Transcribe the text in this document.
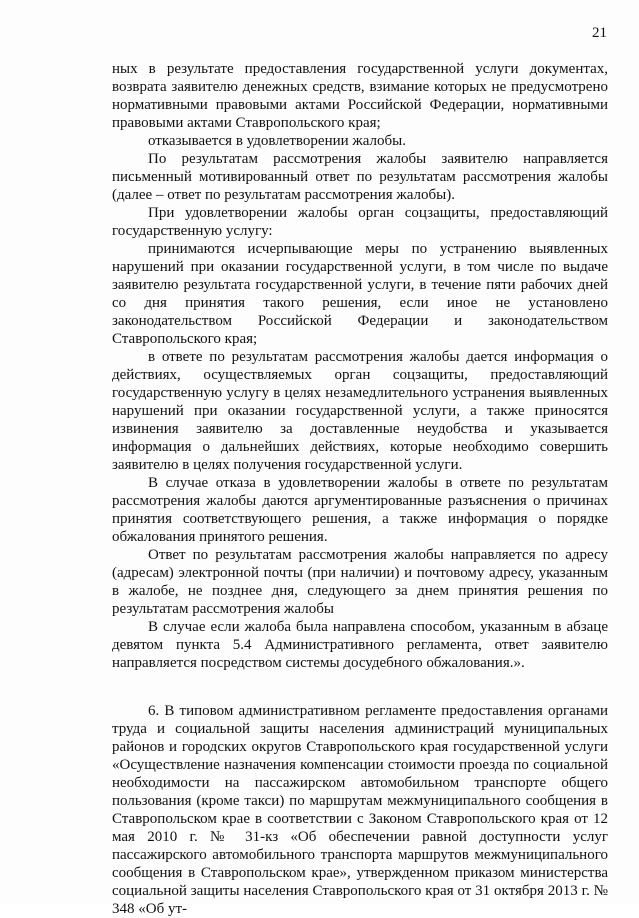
21

ных в результате предоставления государственной услуги документах, возврата заявителю денежных средств, взимание которых не предусмотрено нормативными правовыми актами Российской Федерации, нормативными правовыми актами Ставропольского края;

отказывается в удовлетворении жалобы.

По результатам рассмотрения жалобы заявителю направляется письменный мотивированный ответ по результатам рассмотрения жалобы (далее – ответ по результатам рассмотрения жалобы).

При удовлетворении жалобы орган соцзащиты, предоставляющий государственную услугу:

принимаются исчерпывающие меры по устранению выявленных нарушений при оказании государственной услуги, в том числе по выдаче заявителю результата государственной услуги, в течение пяти рабочих дней со дня принятия такого решения, если иное не установлено законодательством Российской Федерации и законодательством Ставропольского края;

в ответе по результатам рассмотрения жалобы дается информация о действиях, осуществляемых орган соцзащиты, предоставляющий государственную услугу в целях незамедлительного устранения выявленных нарушений при оказании государственной услуги, а также приносятся извинения заявителю за доставленные неудобства и указывается информация о дальнейших действиях, которые необходимо совершить заявителю в целях получения государственной услуги.

В случае отказа в удовлетворении жалобы в ответе по результатам рассмотрения жалобы даются аргументированные разъяснения о причинах принятия соответствующего решения, а также информация о порядке обжалования принятого решения.

Ответ по результатам рассмотрения жалобы направляется по адресу (адресам) электронной почты (при наличии) и почтовому адресу, указанным в жалобе, не позднее дня, следующего за днем принятия решения по результатам рассмотрения жалобы

В случае если жалоба была направлена способом, указанным в абзаце девятом пункта 5.4 Административного регламента, ответ заявителю направляется посредством системы досудебного обжалования.».

6. В типовом административном регламенте предоставления органами труда и социальной защиты населения администраций муниципальных районов и городских округов Ставропольского края государственной услуги «Осуществление назначения компенсации стоимости проезда по социальной необходимости на пассажирском автомобильном транспорте общего пользования (кроме такси) по маршрутам межмуниципального сообщения в Ставропольском крае в соответствии с Законом Ставропольского края от 12 мая 2010 г. № 31-кз «Об обеспечении равной доступности услуг пассажирского автомобильного транспорта маршрутов межмуниципального сообщения в Ставропольском крае», утвержденном приказом министерства социальной защиты населения Ставропольского края от 31 октября 2013 г. № 348 «Об ут-
